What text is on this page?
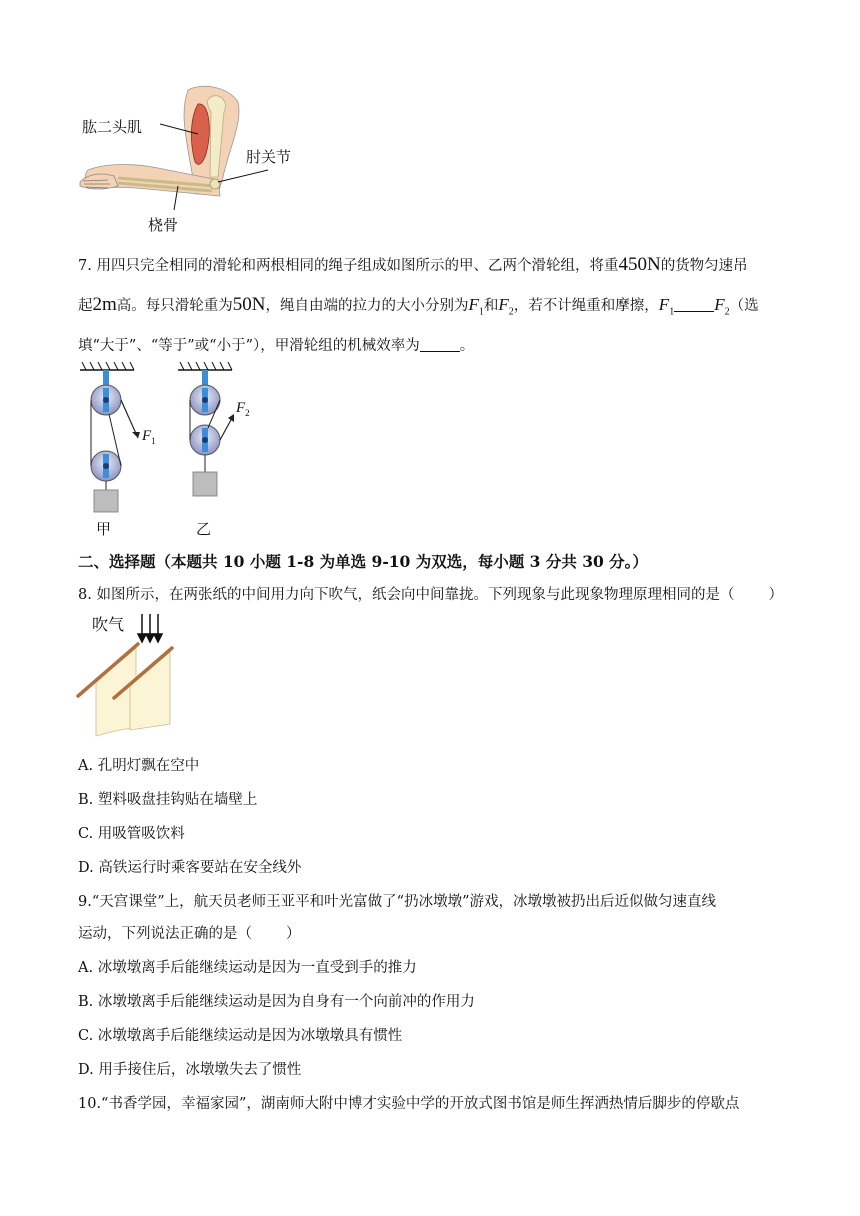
肱二头肌
肘关节
桡骨
7. 用四只完全相同的滑轮和两根相同的绳子组成如图所示的甲、乙两个滑轮组，将重450N的货物匀速吊
起2m高。每只滑轮重为50N，绳自由端的拉力的大小分别为$F_1$和$F_2$，若不计绳重和摩擦，$F_1$ $F_2$（选
填“大于”、“等于”或“小于”），甲滑轮组的机械效率为	。
$F_1$
$F_2$
甲	乙
二、选择题（本题共 10 小题 1-8 为单选 9-10 为双选，每小题 3 分共 30 分。）
8. 如图所示，在两张纸的中间用力向下吹气，纸会向中间靠拢。下列现象与此现象物理原理相同的是（ ）
吹气
A. 孔明灯飘在空中
B. 塑料吸盘挂钩贴在墙壁上
C. 用吸管吸饮料
D. 高铁运行时乘客要站在安全线外
9.“天宫课堂”上，航天员老师王亚平和叶光富做了“扔冰墩墩”游戏，冰墩墩被扔出后近似做匀速直线
运动，下列说法正确的是（ ）
A. 冰墩墩离手后能继续运动是因为一直受到手的推力
B. 冰墩墩离手后能继续运动是因为自身有一个向前冲的作用力
C. 冰墩墩离手后能继续运动是因为冰墩墩具有惯性
D. 用手接住后，冰墩墩失去了惯性
10.“书香学园，幸福家园”，湖南师大附中博才实验中学的开放式图书馆是师生挥洒热情后脚步的停歇点
